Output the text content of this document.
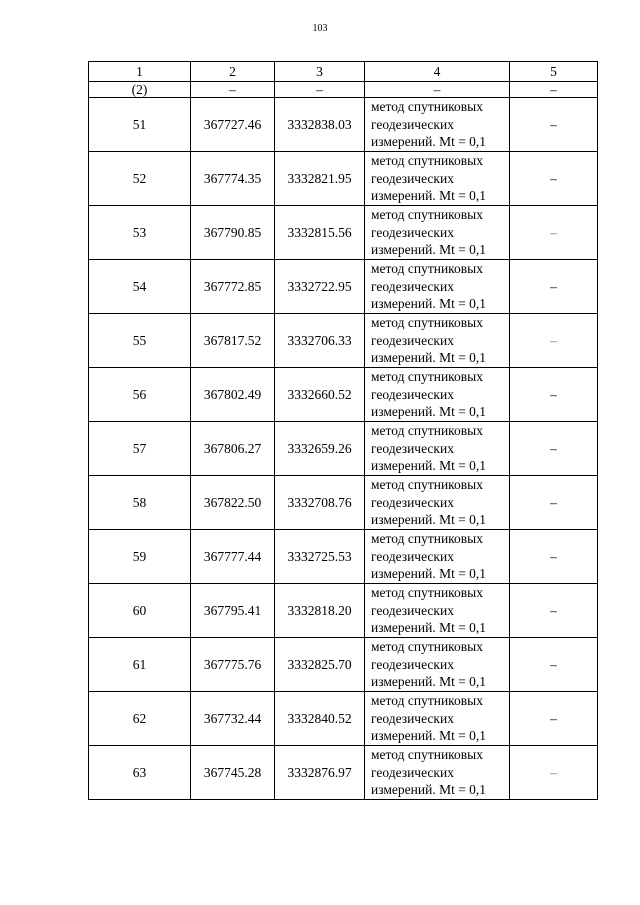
103
1	2	3	4	5
(2)	–	–	–	–
51	367727.46	3332838.03	метод спутниковых
геодезических
измерений. Mt = 0,1	–
52	367774.35	3332821.95	метод спутниковых
геодезических
измерений. Mt = 0,1	–
53	367790.85	3332815.56	метод спутниковых
геодезических
измерений. Mt = 0,1	–
54	367772.85	3332722.95	метод спутниковых
геодезических
измерений. Mt = 0,1	–
55	367817.52	3332706.33	метод спутниковых
геодезических
измерений. Mt = 0,1	–
56	367802.49	3332660.52	метод спутниковых
геодезических
измерений. Mt = 0,1	–
57	367806.27	3332659.26	метод спутниковых
геодезических
измерений. Mt = 0,1	–
58	367822.50	3332708.76	метод спутниковых
геодезических
измерений. Mt = 0,1	–
59	367777.44	3332725.53	метод спутниковых
геодезических
измерений. Mt = 0,1	–
60	367795.41	3332818.20	метод спутниковых
геодезических
измерений. Mt = 0,1	–
61	367775.76	3332825.70	метод спутниковых
геодезических
измерений. Mt = 0,1	–
62	367732.44	3332840.52	метод спутниковых
геодезических
измерений. Mt = 0,1	–
63	367745.28	3332876.97	метод спутниковых
геодезических
измерений. Mt = 0,1	–
